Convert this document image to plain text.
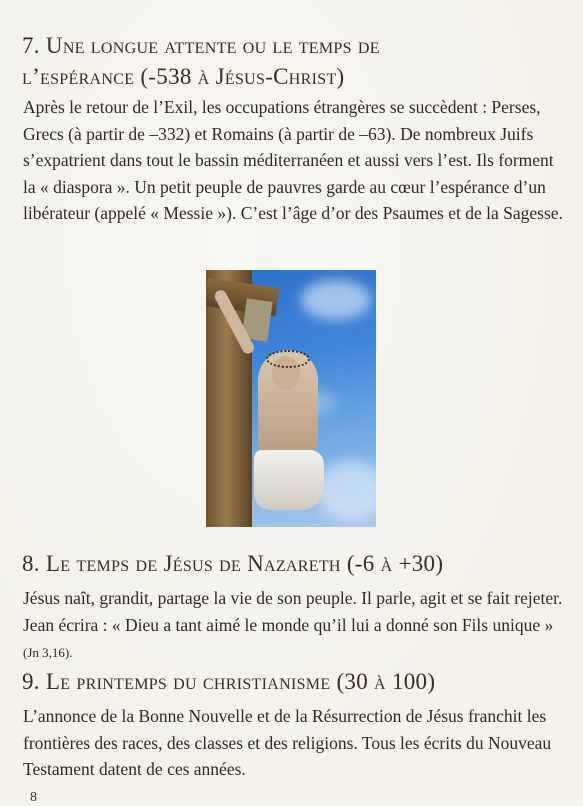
7. Une longue attente ou le temps de
l’espérance (-538 à Jésus-Christ)

Après le retour de l’Exil, les occupations étrangères se succèdent : Perses, Grecs (à partir de –332) et Romains (à partir de –63). De nombreux Juifs s’expatrient dans tout le bassin méditerranéen et aussi vers l’est. Ils forment la « diaspora ». Un petit peuple de pauvres garde au cœur l’espérance d’un libérateur (appelé « Messie »). C’est l’âge d’or des Psaumes et de la Sagesse.

8. Le temps de Jésus de Nazareth (-6 à +30)

Jésus naît, grandit, partage la vie de son peuple. Il parle, agit et se fait rejeter. Jean écrira : « Dieu a tant aimé le monde qu’il lui a donné son Fils unique » (Jn 3,16).

9. Le printemps du christianisme (30 à 100)

L’annonce de la Bonne Nouvelle et de la Résurrection de Jésus franchit les frontières des races, des classes et des religions. Tous les écrits du Nouveau Testament datent de ces années.

8
